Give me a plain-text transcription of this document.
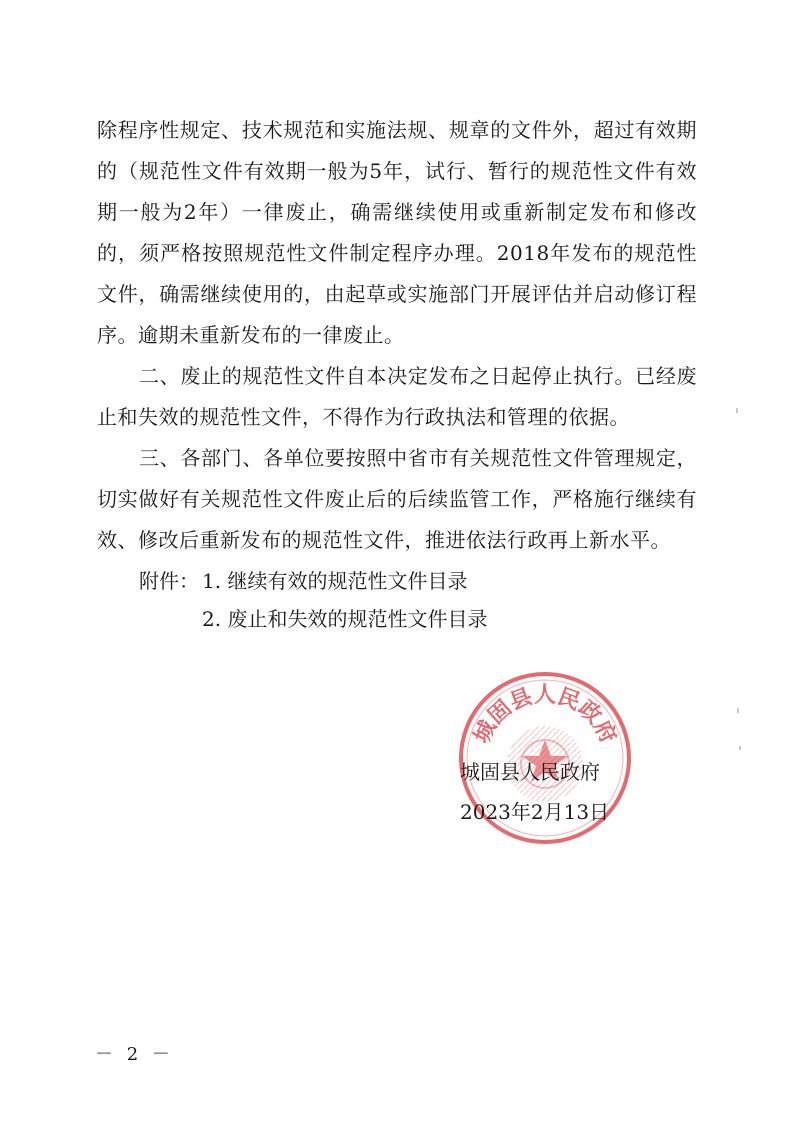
除程序性规定、技术规范和实施法规、规章的文件外，超过有效期的（规范性文件有效期一般为5年，试行、暂行的规范性文件有效期一般为2年）一律废止，确需继续使用或重新制定发布和修改的，须严格按照规范性文件制定程序办理。2018年发布的规范性文件，确需继续使用的，由起草或实施部门开展评估并启动修订程序。逾期未重新发布的一律废止。

二、废止的规范性文件自本决定发布之日起停止执行。已经废止和失效的规范性文件，不得作为行政执法和管理的依据。

三、各部门、各单位要按照中省市有关规范性文件管理规定，切实做好有关规范性文件废止后的后续监管工作，严格施行继续有效、修改后重新发布的规范性文件，推进依法行政再上新水平。

附件： 1. 继续有效的规范性文件目录
2. 废止和失效的规范性文件目录
城固县人民政府
城固县人民政府
2023年2月13日
－ 2 －
